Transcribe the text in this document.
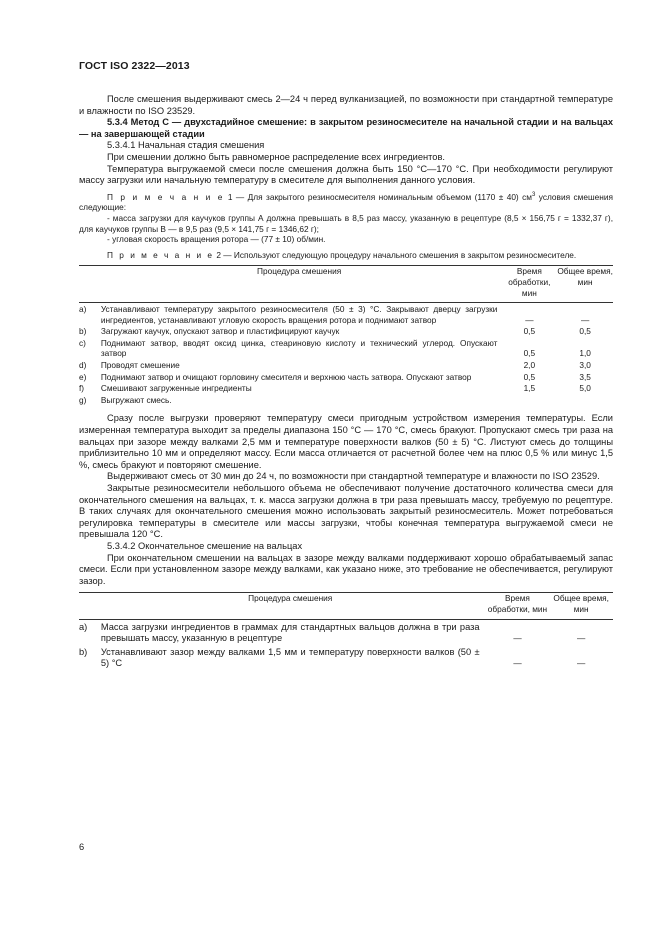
ГОСТ ISO 2322—2013

После смешения выдерживают смесь 2—24 ч перед вулканизацией, по возможности при стандартной температуре и влажности по ISO 23529.

5.3.4 Метод С — двухстадийное смешение: в закрытом резиносмесителе на начальной стадии и на вальцах — на завершающей стадии

5.3.4.1 Начальная стадия смешения

При смешении должно быть равномерное распределение всех ингредиентов.

Температура выгружаемой смеси после смешения должна быть 150 °С—170 °С. При необходимости регулируют массу загрузки или начальную температуру в смесителе для выполнения данного условия.

П р и м е ч а н и е 1 — Для закрытого резиносмесителя номинальным объемом (1170 ± 40) $см^3$ условия смешения следующие:

- масса загрузки для каучуков группы А должна превышать в 8,5 раз массу, указанную в рецептуре (8,5 × 156,75 г = 1332,37 г), для каучуков группы В — в 9,5 раз (9,5 × 141,75 г = 1346,62 г);

- угловая скорость вращения ротора — (77 ± 10) об/мин.

П р и м е ч а н и е 2 — Используют следующую процедуру начального смешения в закрытом резиносмесителе.

	Процедура смешения	Время обработки, мин	Общее время, мин
a)	Устанавливают температуру закрытого резиносмесителя (50 ± 3) °С. Закрывают дверцу загрузки ингредиентов, устанавливают угловую скорость вращения ротора и поднимают затвор	—	—
b)	Загружают каучук, опускают затвор и пластифицируют каучук	0,5	0,5
c)	Поднимают затвор, вводят оксид цинка, стеариновую кислоту и технический углерод. Опускают затвор	0,5	1,0
d)	Проводят смешение	2,0	3,0
e)	Поднимают затвор и очищают горловину смесителя и верхнюю часть затвора. Опускают затвор	0,5	3,5
f)	Смешивают загруженные ингредиенты	1,5	5,0
g)	Выгружают смесь.		

Сразу после выгрузки проверяют температуру смеси пригодным устройством измерения температуры. Если измеренная температура выходит за пределы диапазона 150 °С — 170 °С, смесь бракуют. Пропускают смесь три раза на вальцах при зазоре между валками 2,5 мм и температуре поверхности валков (50 ± 5) °С. Листуют смесь до толщины приблизительно 10 мм и определяют массу. Если масса отличается от расчетной более чем на плюс 0,5 % или минус 1,5 %, смесь бракуют и повторяют смешение.

Выдерживают смесь от 30 мин до 24 ч, по возможности при стандартной температуре и влажности по ISO 23529.

Закрытые резиносмесители небольшого объема не обеспечивают получение достаточного количества смеси для окончательного смешения на вальцах, т. к. масса загрузки должна в три раза превышать массу, требуемую по рецептуре. В таких случаях для окончательного смешения можно использовать закрытый резиносмеситель. Может потребоваться регулировка температуры в смесителе или массы загрузки, чтобы конечная температура выгружаемой смеси не превышала 120 °С.

5.3.4.2 Окончательное смешение на вальцах

При окончательном смешении на вальцах в зазоре между валками поддерживают хорошо обрабатываемый запас смеси. Если при установленном зазоре между валками, как указано ниже, это требование не обеспечивается, регулируют зазор.

	Процедура смешения	Время обработки, мин	Общее время, мин
a)	Масса загрузки ингредиентов в граммах для стандартных вальцов должна в три раза превышать массу, указанную в рецептуре	—	—
b)	Устанавливают зазор между валками 1,5 мм и температуру поверхности валков (50 ± 5) °С	—	—
6
